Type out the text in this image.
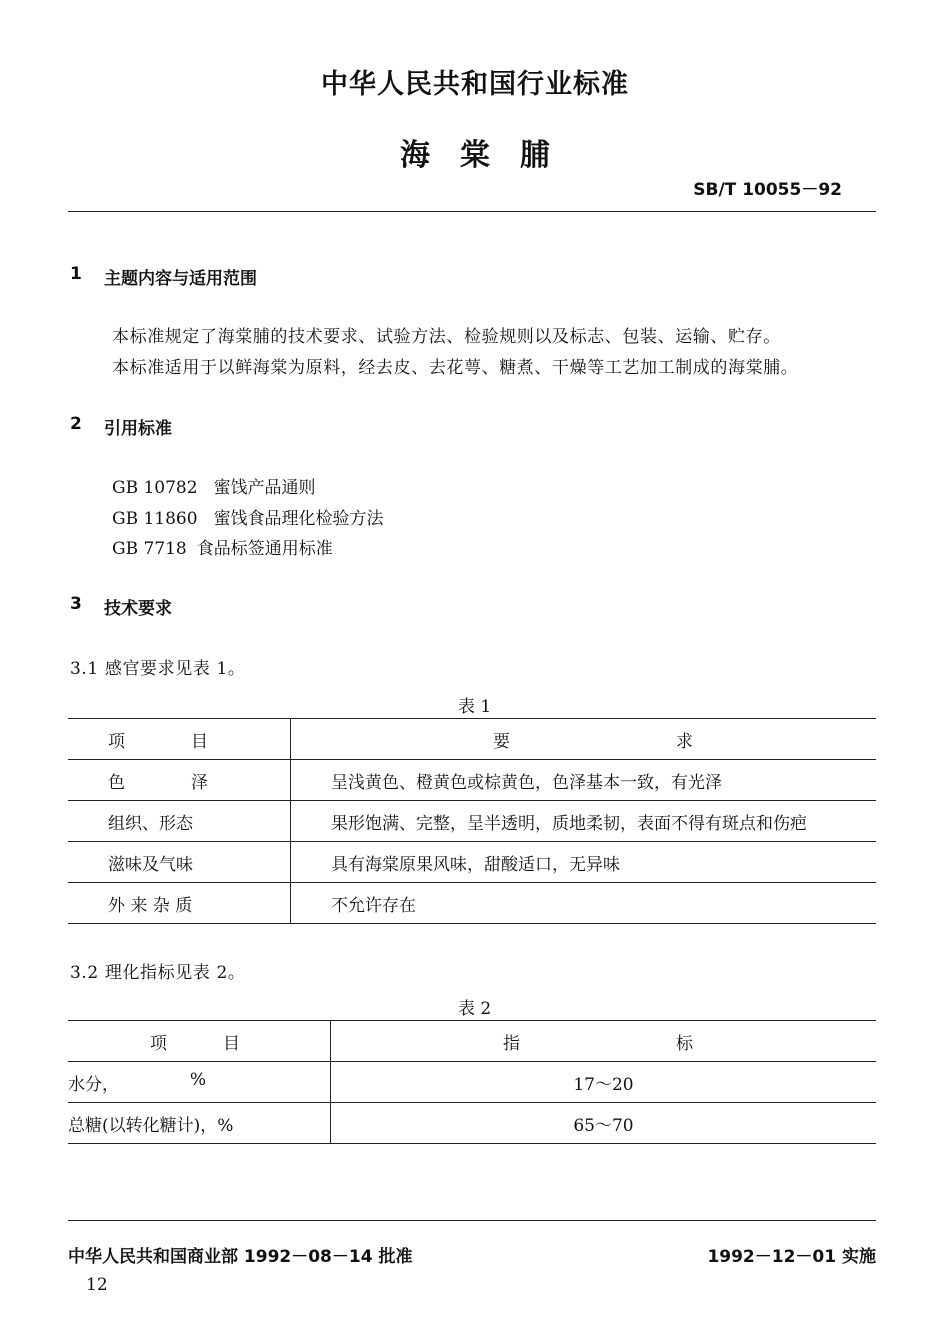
中华人民共和国行业标准
海棠脯
SB/T 10055－92
1 主题内容与适用范围
本标准规定了海棠脯的技术要求、试验方法、检验规则以及标志、包装、运输、贮存。
本标准适用于以鲜海棠为原料，经去皮、去花萼、糖煮、干燥等工艺加工制成的海棠脯。
2 引用标准
GB 10782 蜜饯产品通则
GB 11860 蜜饯食品理化检验方法
GB 7718 食品标签通用标准
3 技术要求
3.1 感官要求见表 1。
表 1
项 目	要 求

色 泽	呈浅黄色、橙黄色或棕黄色，色泽基本一致，有光泽
组织、形态	果形饱满、完整，呈半透明，质地柔韧，表面不得有斑点和伤疤
滋味及气味	具有海棠原果风味，甜酸适口，无异味
外 来 杂 质	不允许存在
3.2 理化指标见表 2。
表 2
项 目	指 标

水分， %	17～20
总糖(以转化糖计)，%	65～70
中华人民共和国商业部 1992－08－14 批准	1992－12－01 实施
12
